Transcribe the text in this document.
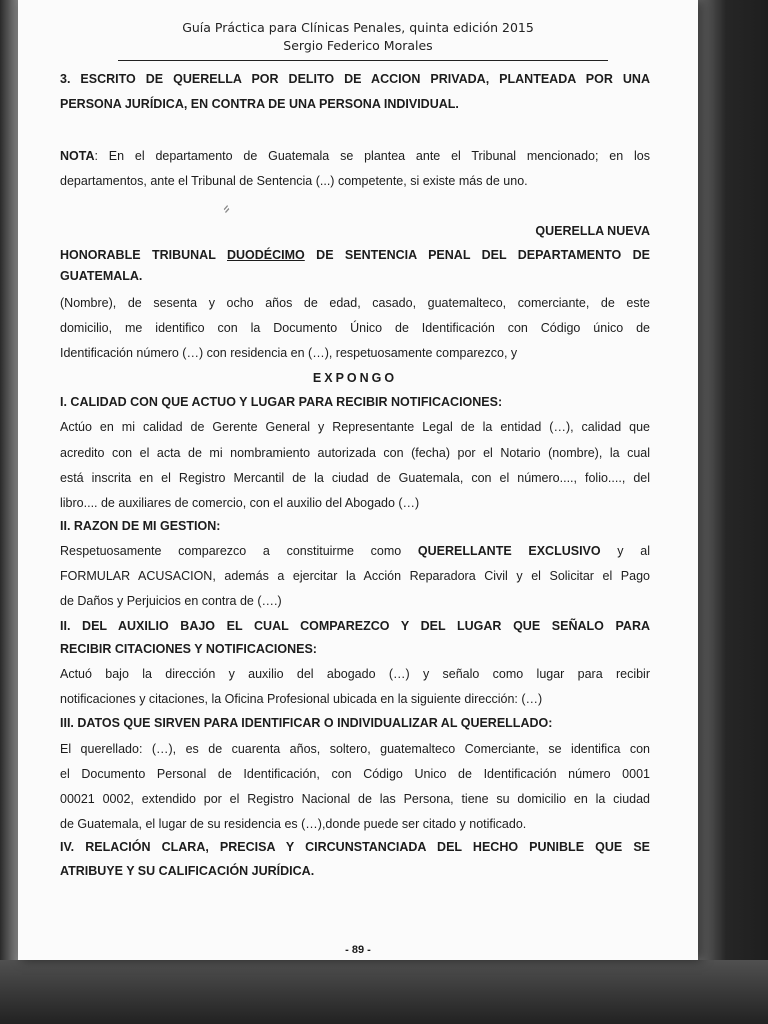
Guía Práctica para Clínicas Penales, quinta edición 2015
Sergio Federico Morales
3. ESCRITO DE QUERELLA POR DELITO DE ACCION PRIVADA, PLANTEADA POR UNA
PERSONA JURÍDICA, EN CONTRA DE UNA PERSONA INDIVIDUAL.
NOTA: En el departamento de Guatemala se plantea ante el Tribunal mencionado; en los
departamentos, ante el Tribunal de Sentencia (...) competente, si existe más de uno.
⸗
QUERELLA NUEVA
HONORABLE TRIBUNAL DUODÉCIMO DE SENTENCIA PENAL DEL DEPARTAMENTO DE
GUATEMALA.
(Nombre), de sesenta y ocho años de edad, casado, guatemalteco, comerciante, de este
domicilio, me identifico con la Documento Único de Identificación con Código único de
Identificación número (…) con residencia en (…), respetuosamente comparezco, y
EXPONGO
I. CALIDAD CON QUE ACTUO Y LUGAR PARA RECIBIR NOTIFICACIONES:
Actúo en mi calidad de Gerente General y Representante Legal de la entidad (…), calidad que
acredito con el acta de mi nombramiento autorizada con (fecha) por el Notario (nombre), la cual
está inscrita en el Registro Mercantil de la ciudad de Guatemala, con el número...., folio...., del
libro.... de auxiliares de comercio, con el auxilio del Abogado (…)
II. RAZON DE MI GESTION:
Respetuosamente comparezco a constituirme como QUERELLANTE EXCLUSIVO y al
FORMULAR ACUSACION, además a ejercitar la Acción Reparadora Civil y el Solicitar el Pago
de Daños y Perjuicios en contra de (….)
II. DEL AUXILIO BAJO EL CUAL COMPAREZCO Y DEL LUGAR QUE SEÑALO PARA
RECIBIR CITACIONES Y NOTIFICACIONES:
Actuó bajo la dirección y auxilio del abogado (…) y señalo como lugar para recibir
notificaciones y citaciones, la Oficina Profesional ubicada en la siguiente dirección: (…)
III. DATOS QUE SIRVEN PARA IDENTIFICAR O INDIVIDUALIZAR AL QUERELLADO:
El querellado: (…), es de cuarenta años, soltero, guatemalteco Comerciante, se identifica con
el Documento Personal de Identificación, con Código Unico de Identificación número 0001
00021 0002, extendido por el Registro Nacional de las Persona, tiene su domicilio en la ciudad
de Guatemala, el lugar de su residencia es (…),donde puede ser citado y notificado.
IV. RELACIÓN CLARA, PRECISA Y CIRCUNSTANCIADA DEL HECHO PUNIBLE QUE SE
ATRIBUYE Y SU CALIFICACIÓN JURÍDICA.
- 89 -
